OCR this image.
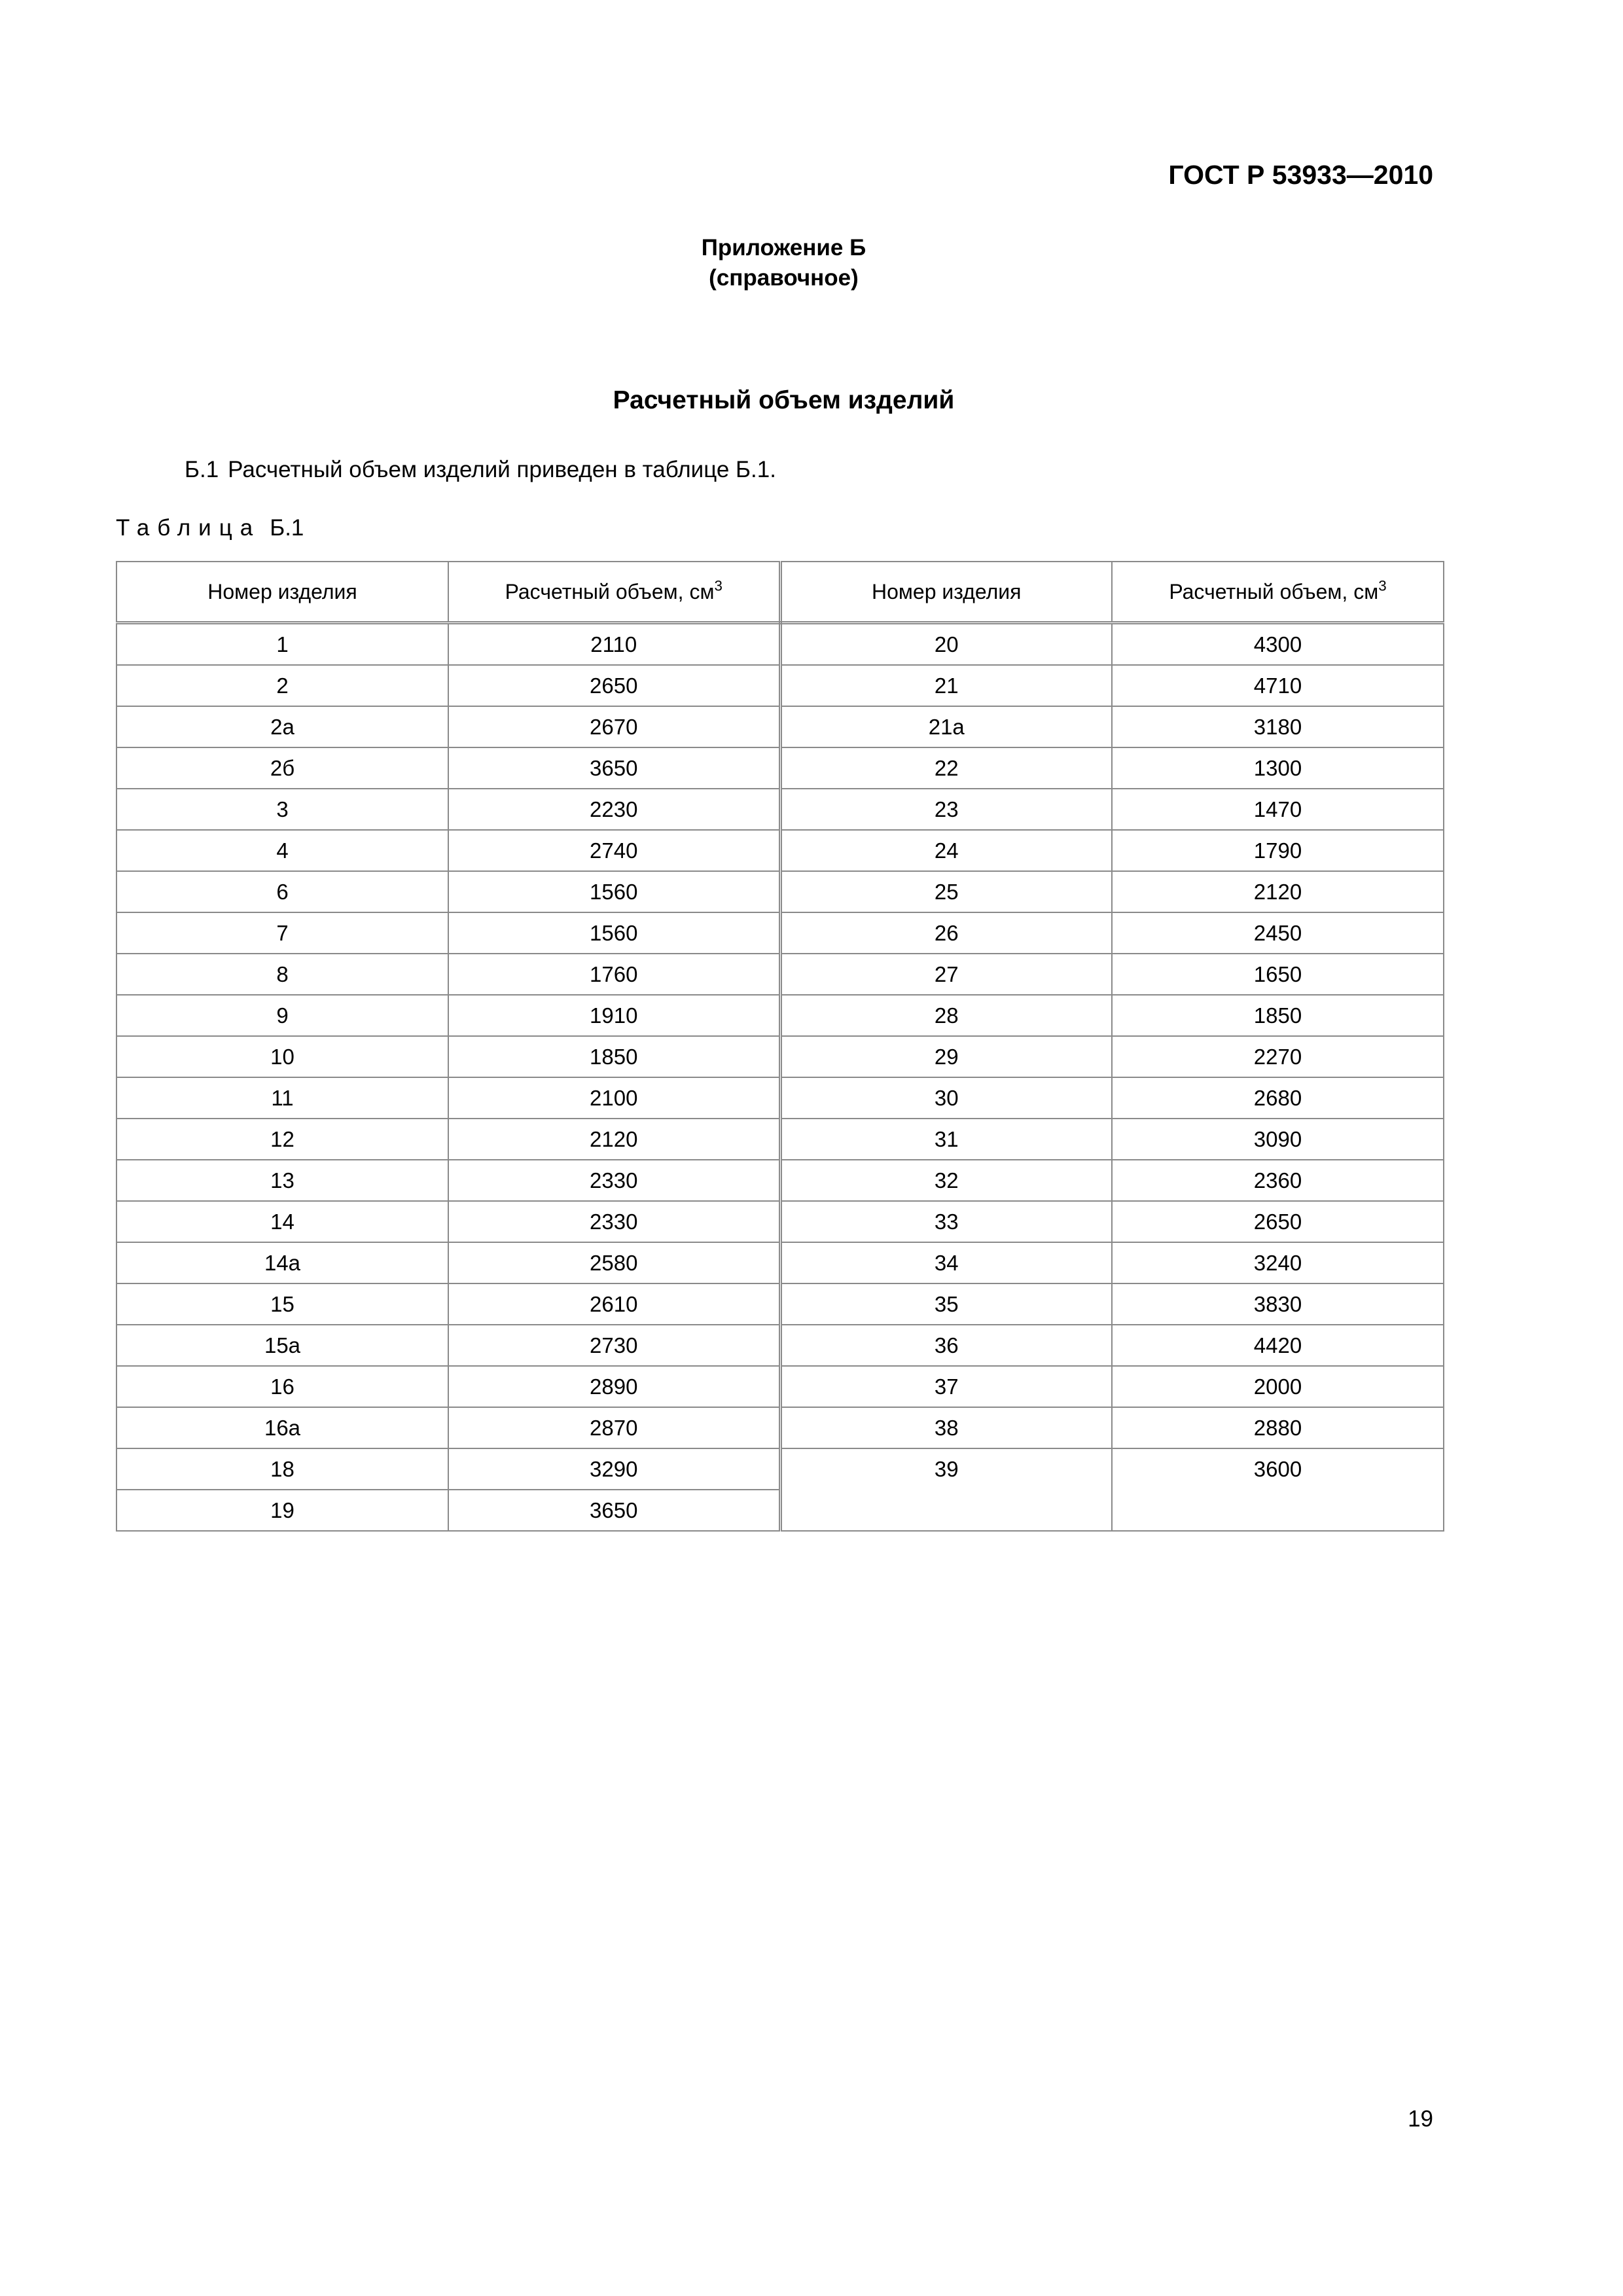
ГОСТ Р 53933—2010
Приложение Б
(справочное)
Расчетный объем изделий
Б.1 Расчетный объем изделий приведен в таблице Б.1.
Таблица Б.1
Номер изделия	Расчетный объем, $см^3$	Номер изделия	Расчетный объем, $см^3$
1	2110	20	4300
2	2650	21	4710
2а	2670	21а	3180
2б	3650	22	1300
3	2230	23	1470
4	2740	24	1790
6	1560	25	2120
7	1560	26	2450
8	1760	27	1650
9	1910	28	1850
10	1850	29	2270
11	2100	30	2680
12	2120	31	3090
13	2330	32	2360
14	2330	33	2650
14а	2580	34	3240
15	2610	35	3830
15а	2730	36	4420
16	2890	37	2000
16а	2870	38	2880
18	3290	39	3600
19	3650		
19
